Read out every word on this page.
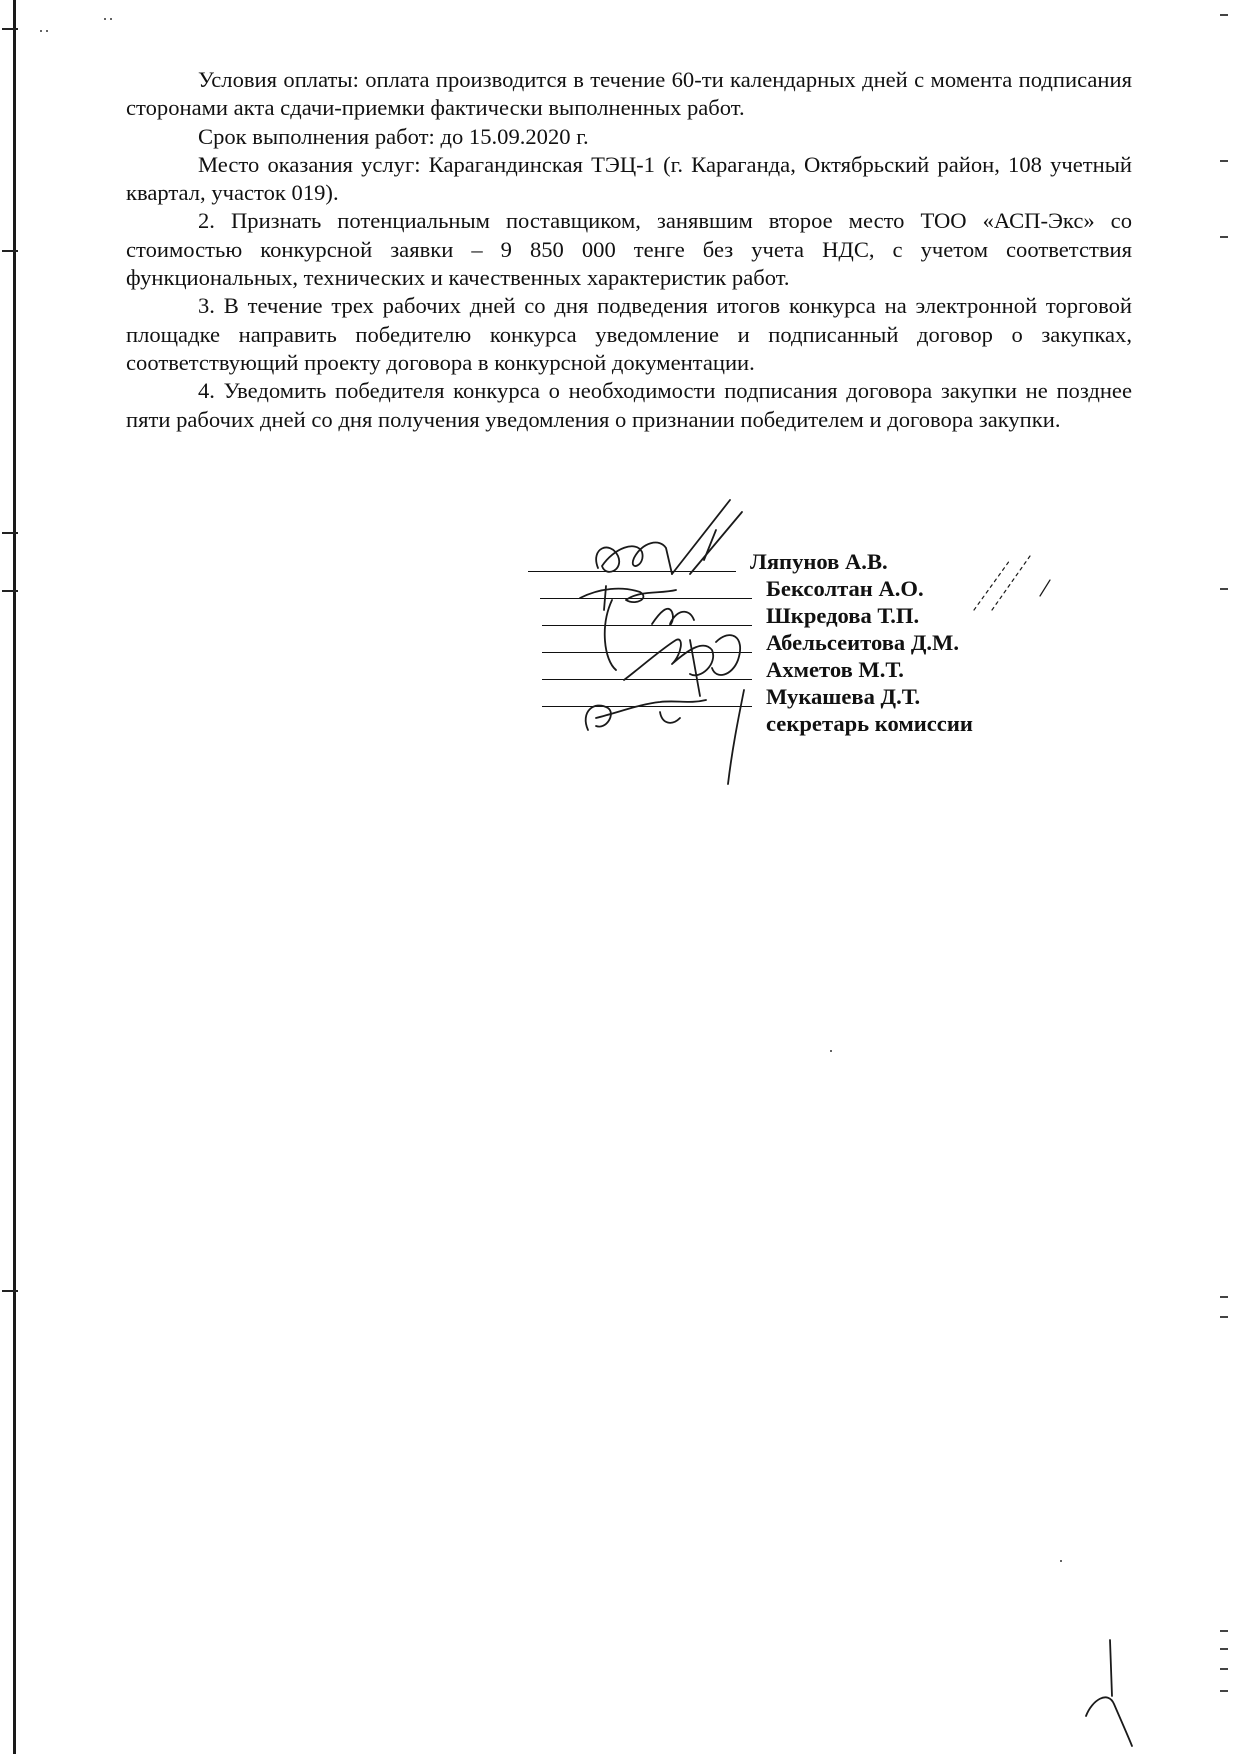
Условия оплаты: оплата производится в течение 60-ти календарных дней с момента подписания сторонами акта сдачи-приемки фактически выполненных работ.

Срок выполнения работ: до 15.09.2020 г.

Место оказания услуг: Карагандинская ТЭЦ-1 (г. Караганда, Октябрьский район, 108 учетный квартал, участок 019).

2. Признать потенциальным поставщиком, занявшим второе место ТОО «АСП-Экс» со стоимостью конкурсной заявки – 9 850 000 тенге без учета НДС, с учетом соответствия функциональных, технических и качественных характеристик работ.

3. В течение трех рабочих дней со дня подведения итогов конкурса на электронной торговой площадке направить победителю конкурса уведомление и подписанный договор о закупках, соответствующий проекту договора в конкурсной документации.

4. Уведомить победителя конкурса о необходимости подписания договора закупки не позднее пяти рабочих дней со дня получения уведомления о признании победителем и договора закупки.

Ляпунов А.В.
Бексолтан А.О.
Шкредова Т.П.
Абельсеитова Д.М.
Ахметов М.Т.
Мукашева Д.Т.
секретарь комиссии
